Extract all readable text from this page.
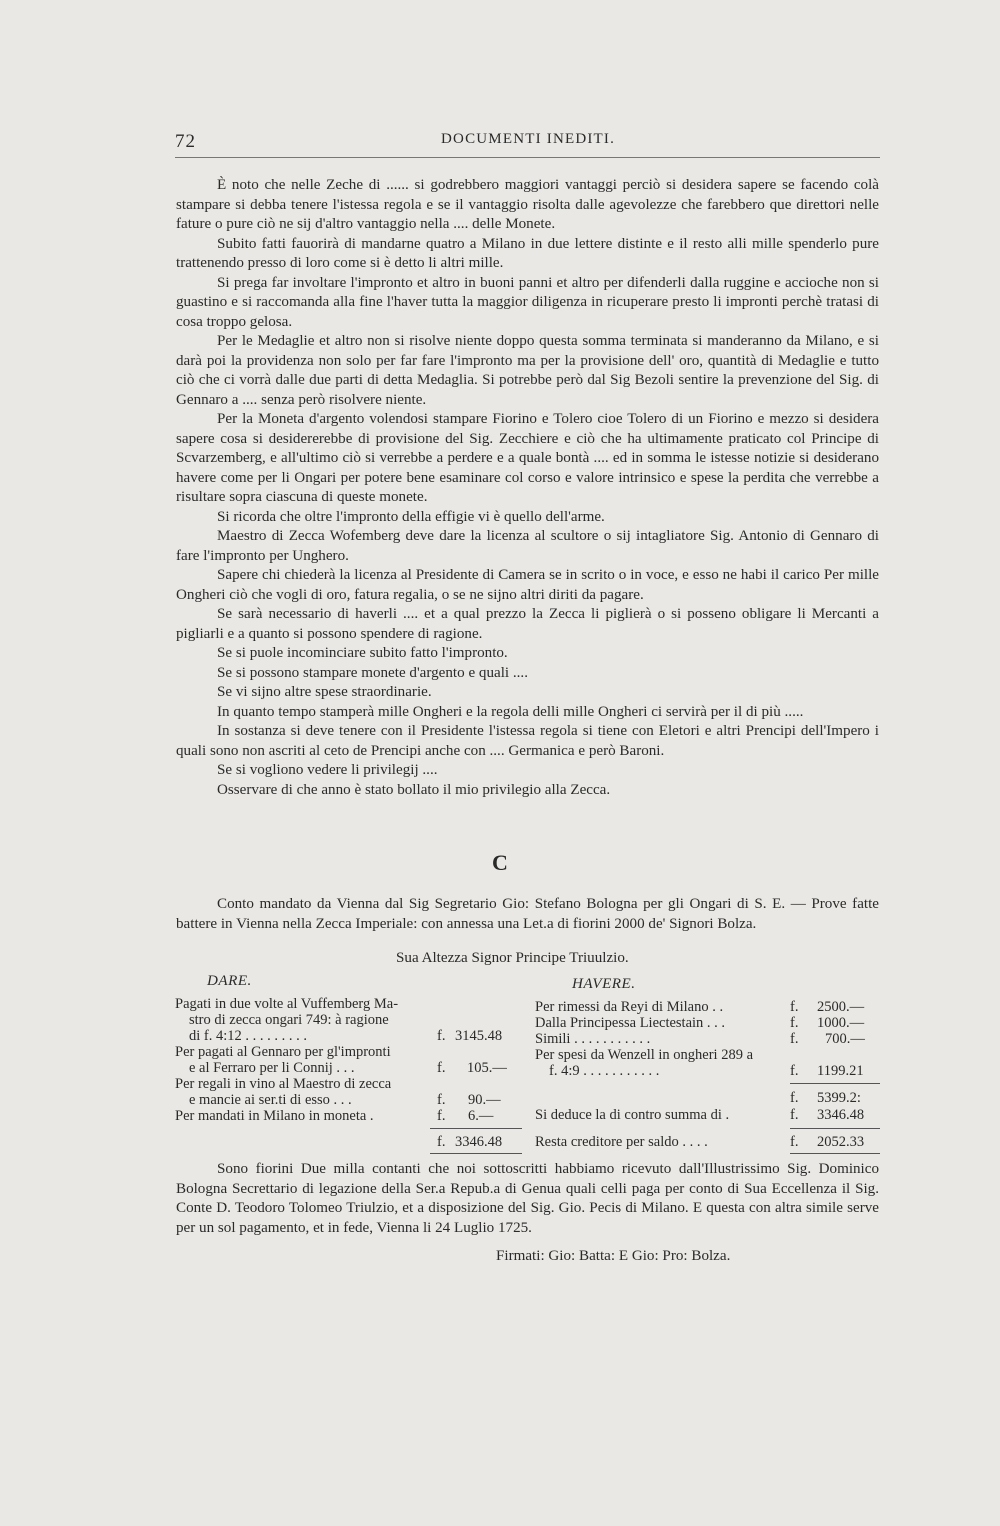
72	DOCUMENTI INEDITI.

È noto che nelle Zeche di ...... si godrebbero maggiori vantaggi perciò si desidera sapere se facendo colà stampare si debba tenere l'istessa regola e se il vantaggio risolta dalle agevolezze che farebbero que direttori nelle fature o pure ciò ne sij d'altro vantaggio nella .... delle Monete.

Subito fatti fauorirà di mandarne quatro a Milano in due lettere distinte e il resto alli mille spenderlo pure trattenendo presso di loro come si è detto li altri mille.

Si prega far involtare l'impronto et altro in buoni panni et altro per difenderli dalla ruggine e accioche non si guastino e si raccomanda alla fine l'haver tutta la maggior diligenza in ricuperare presto li impronti perchè tratasi di cosa troppo gelosa.

Per le Medaglie et altro non si risolve niente doppo questa somma terminata si manderanno da Milano, e si darà poi la providenza non solo per far fare l'impronto ma per la provisione dell' oro, quantità di Medaglie e tutto ciò che ci vorrà dalle due parti di detta Medaglia. Si potrebbe però dal Sig Bezoli sentire la prevenzione del Sig. di Gennaro a .... senza però risolvere niente.

Per la Moneta d'argento volendosi stampare Fiorino e Tolero cioe Tolero di un Fiorino e mezzo si desidera sapere cosa si desidererebbe di provisione del Sig. Zecchiere e ciò che ha ultimamente praticato col Principe di Scvarzemberg, e all'ultimo ciò si verrebbe a perdere e a quale bontà .... ed in somma le istesse notizie si desiderano havere come per li Ongari per potere bene esaminare col corso e valore intrinsico e spese la perdita che verrebbe a risultare sopra ciascuna di queste monete.

Si ricorda che oltre l'impronto della effigie vi è quello dell'arme.

Maestro di Zecca Wofemberg deve dare la licenza al scultore o sij intagliatore Sig. Antonio di Gennaro di fare l'impronto per Unghero.

Sapere chi chiederà la licenza al Presidente di Camera se in scrito o in voce, e esso ne habi il carico Per mille Ongheri ciò che vogli di oro, fatura regalia, o se ne sijno altri diriti da pagare.

Se sarà necessario di haverli .... et a qual prezzo la Zecca li piglierà o si posseno obligare li Mercanti a pigliarli e a quanto si possono spendere di ragione.

Se si puole incominciare subito fatto l'impronto.

Se si possono stampare monete d'argento e quali ....

Se vi sijno altre spese straordinarie.

In quanto tempo stamperà mille Ongheri e la regola delli mille Ongheri ci servirà per il di più .....

In sostanza si deve tenere con il Presidente l'istessa regola si tiene con Eletori e altri Prencipi dell'Impero i quali sono non ascriti al ceto de Prencipi anche con .... Germanica e però Baroni.

Se si vogliono vedere li privilegij ....

Osservare di che anno è stato bollato il mio privilegio alla Zecca.

C

Conto mandato da Vienna dal Sig Segretario Gio: Stefano Bologna per gli Ongari di S. E. — Prove fatte battere in Vienna nella Zecca Imperiale: con annessa una Let.a di fiorini 2000 de' Signori Bolza.

Sua Altezza Signor Principe Triuulzio.
DARE.	HAVERE.
Pagati in due volte al Vuffemberg Ma-
stro di zecca ongari 749: à ragione
di f. 4:12 . . . . . . . . .	f. 3145.48
Per pagati al Gennaro per gl'impronti
e al Ferraro per li Connij . . .	f. 105.—
Per regali in vino al Maestro di zecca
e mancie ai ser.ti di esso . . .	f. 90.—
Per mandati in Milano in moneta .	f. 6.—
f. 3346.48
Per rimessi da Reyi di Milano . .	f. 2500.—
Dalla Principessa Liectestain . . .	f. 1000.—
Simili . . . . . . . . . . .	f. 700.—
Per spesi da Wenzell in ongheri 289 a
f. 4:9 . . . . . . . . . . .	f. 1199.21
f. 5399.2:
Si deduce la di contro summa di .	f. 3346.48
Resta creditore per saldo . . . .	f. 2052.33

Sono fiorini Due milla contanti che noi sottoscritti habbiamo ricevuto dall'Illustrissimo Sig. Dominico Bologna Secrettario di legazione della Ser.a Repub.a di Genua quali celli paga per conto di Sua Eccellenza il Sig. Conte D. Teodoro Tolomeo Triulzio, et a disposizione del Sig. Gio. Pecis di Milano. E questa con altra simile serve per un sol pagamento, et in fede, Vienna li 24 Luglio 1725.

Firmati: Gio: Batta: E Gio: Pro: Bolza.
